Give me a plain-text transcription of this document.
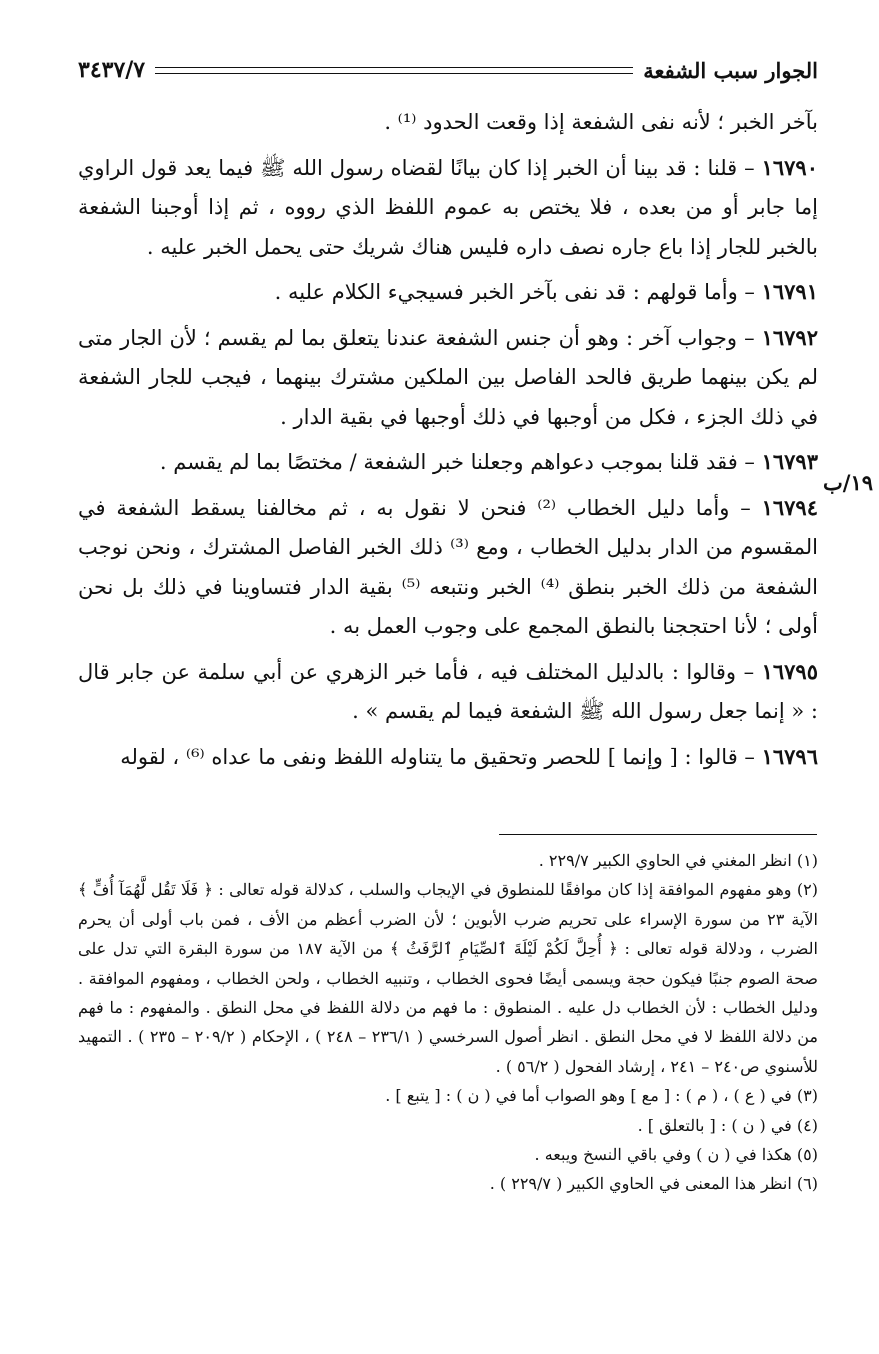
الجوار سبب الشفعة
٣٤٣٧/٧
١٩/ب

بآخر الخبر ؛ لأنه نفى الشفعة إذا وقعت الحدود ⁽¹⁾ .

١٦٧٩٠ – قلنا : قد بينا أن الخبر إذا كان بيانًا لقضاه رسول الله ﷺ فيما يعد قول الراوي إما جابر أو من بعده ، فلا يختص به عموم اللفظ الذي رووه ، ثم إذا أوجبنا الشفعة بالخبر للجار إذا باع جاره نصف داره فليس هناك شريك حتى يحمل الخبر عليه .

١٦٧٩١ – وأما قولهم : قد نفى بآخر الخبر فسيجيء الكلام عليه .

١٦٧٩٢ – وجواب آخر : وهو أن جنس الشفعة عندنا يتعلق بما لم يقسم ؛ لأن الجار متى لم يكن بينهما طريق فالحد الفاصل بين الملكين مشترك بينهما ، فيجب للجار الشفعة في ذلك الجزء ، فكل من أوجبها في ذلك أوجبها في بقية الدار .

١٦٧٩٣ – فقد قلنا بموجب دعواهم وجعلنا خبر الشفعة / مختصًا بما لم يقسم .

١٦٧٩٤ – وأما دليل الخطاب ⁽²⁾ فنحن لا نقول به ، ثم مخالفنا يسقط الشفعة في المقسوم من الدار بدليل الخطاب ، ومع ⁽³⁾ ذلك الخبر الفاصل المشترك ، ونحن نوجب الشفعة من ذلك الخبر بنطق ⁽⁴⁾ الخبر ونتبعه ⁽⁵⁾ بقية الدار فتساوينا في ذلك بل نحن أولى ؛ لأنا احتججنا بالنطق المجمع على وجوب العمل به .

١٦٧٩٥ – وقالوا : بالدليل المختلف فيه ، فأما خبر الزهري عن أبي سلمة عن جابر قال : « إنما جعل رسول الله ﷺ الشفعة فيما لم يقسم » .

١٦٧٩٦ – قالوا : [ وإنما ] للحصر وتحقيق ما يتناوله اللفظ ونفى ما عداه ⁽⁶⁾ ، لقوله

(١) انظر المغني في الحاوي الكبير ٢٢٩/٧ .

(٢) وهو مفهوم الموافقة إذا كان موافقًا للمنطوق في الإيجاب والسلب ، كدلالة قوله تعالى : ﴿ فَلَا تَقُل لَّهُمَآ أُفٍّ ﴾ الآية ٢٣ من سورة الإسراء على تحريم ضرب الأبوين ؛ لأن الضرب أعظم من الأف ، فمن باب أولى أن يحرم الضرب ، ودلالة قوله تعالى : ﴿ أُحِلَّ لَكُمْ لَيْلَةَ ٱلصِّيَامِ ٱلرَّفَثُ ﴾ من الآية ١٨٧ من سورة البقرة التي تدل على صحة الصوم جنبًا فيكون حجة ويسمى أيضًا فحوى الخطاب ، وتنبيه الخطاب ، ولحن الخطاب ، ومفهوم الموافقة . ودليل الخطاب : لأن الخطاب دل عليه . المنطوق : ما فهم من دلالة اللفظ في محل النطق . والمفهوم : ما فهم من دلالة اللفظ لا في محل النطق . انظر أصول السرخسي ( ٢٣٦/١ – ٢٤٨ ) ، الإحكام ( ٢٠٩/٢ – ٢٣٥ ) . التمهيد للأسنوي ص٢٤٠ – ٢٤١ ، إرشاد الفحول ( ٥٦/٢ ) .

(٣) في ( ع ) ، ( م ) : [ مع ] وهو الصواب أما في ( ن ) : [ يتبع ] .

(٤) في ( ن ) : [ بالتعلق ] .

(٥) هكذا في ( ن ) وفي باقي النسخ ويبعه .

(٦) انظر هذا المعنى في الحاوي الكبير ( ٢٢٩/٧ ) .
